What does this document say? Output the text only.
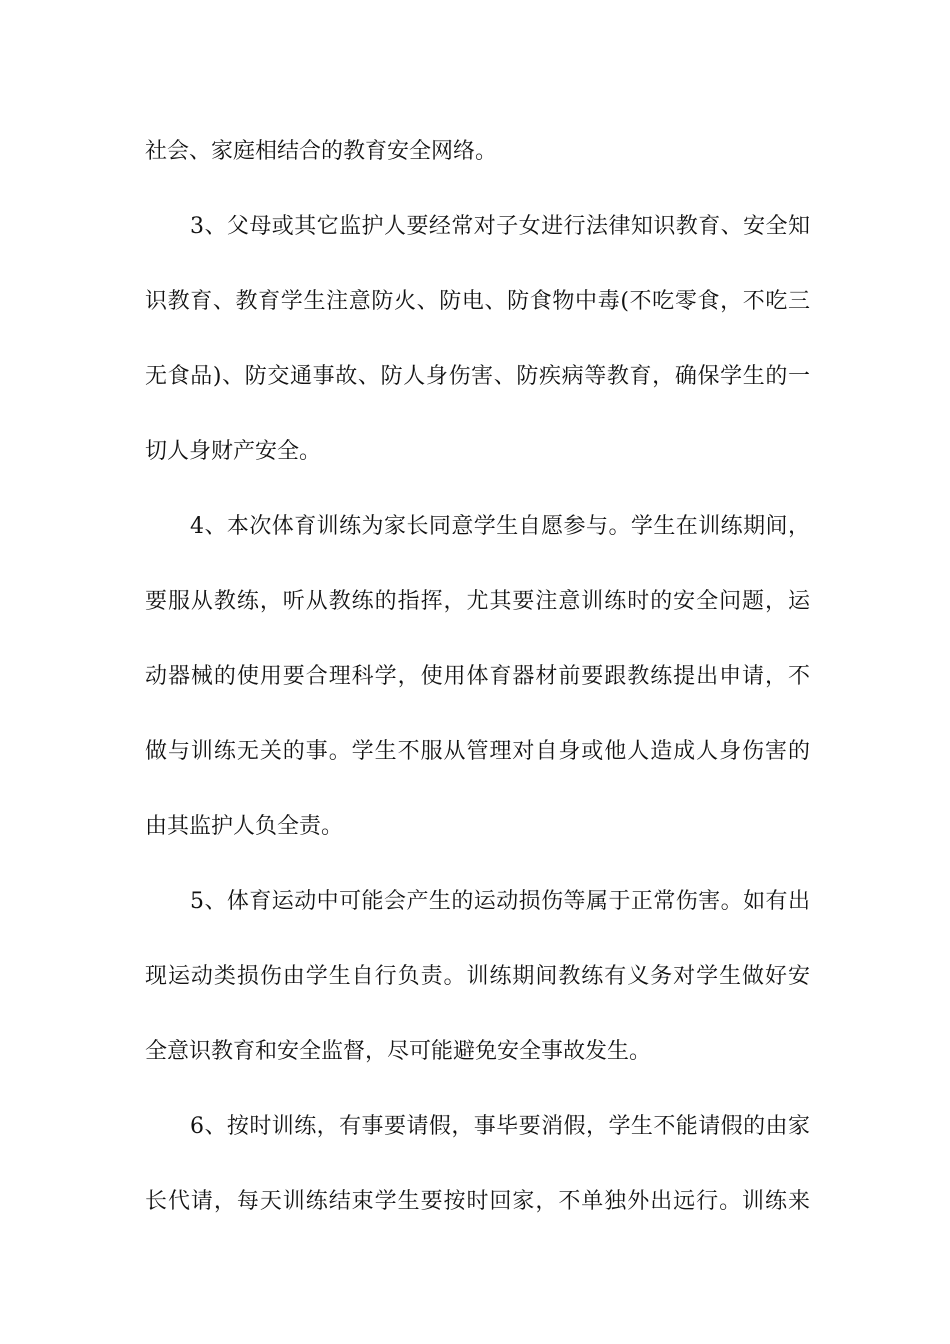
社会、家庭相结合的教育安全网络。
3、父母或其它监护人要经常对子女进行法律知识教育、安全知
识教育、教育学生注意防火、防电、防食物中毒(不吃零食，不吃三
无食品)、防交通事故、防人身伤害、防疾病等教育，确保学生的一
切人身财产安全。
4、本次体育训练为家长同意学生自愿参与。学生在训练期间，
要服从教练，听从教练的指挥，尤其要注意训练时的安全问题，运
动器械的使用要合理科学，使用体育器材前要跟教练提出申请，不
做与训练无关的事。学生不服从管理对自身或他人造成人身伤害的
由其监护人负全责。
5、体育运动中可能会产生的运动损伤等属于正常伤害。如有出
现运动类损伤由学生自行负责。训练期间教练有义务对学生做好安
全意识教育和安全监督，尽可能避免安全事故发生。
6、按时训练，有事要请假，事毕要消假，学生不能请假的由家
长代请，每天训练结束学生要按时回家，不单独外出远行。训练来
